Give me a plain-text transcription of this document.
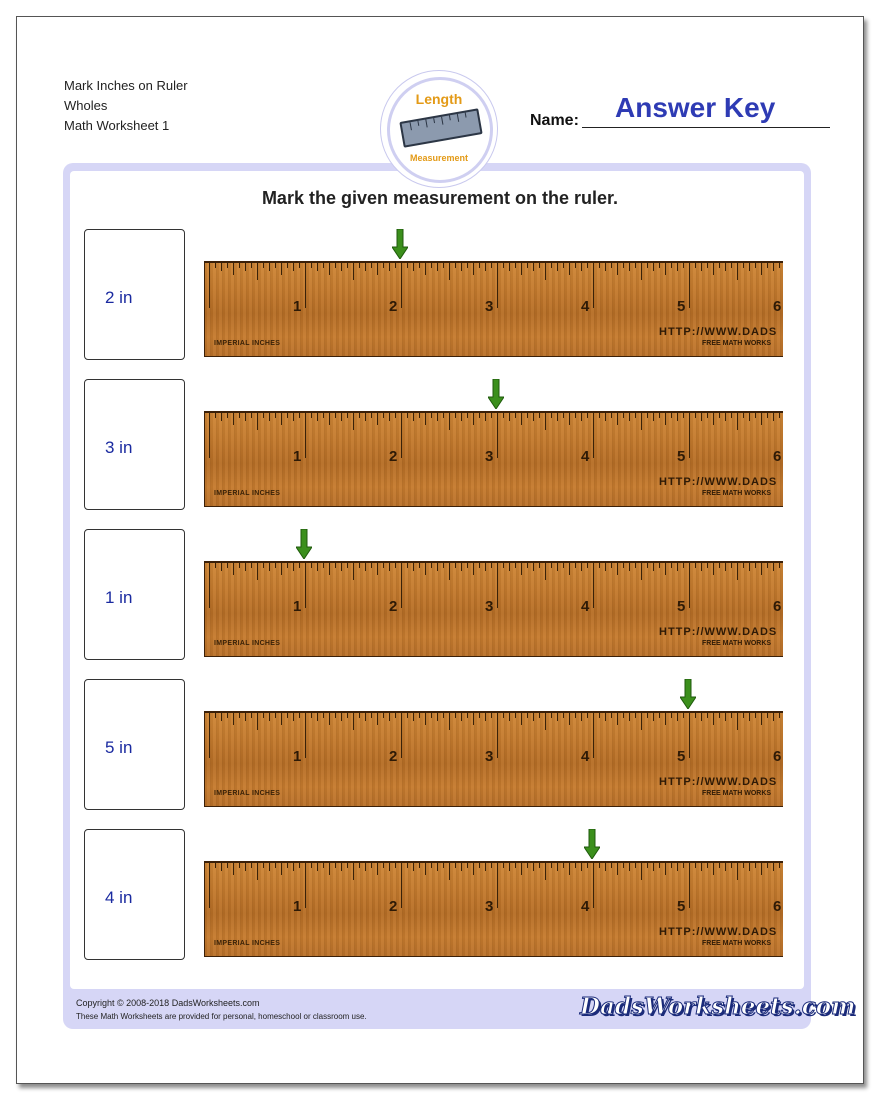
Mark Inches on Ruler
Wholes
Math Worksheet 1	Name: Answer Key
Length
Measurement
Mark the given measurement on the ruler.
2 in	1	2	3	4	5	6
IMPERIAL INCHES
HTTP://WWW.DADS
FREE MATH WORKS
3 in	1	2	3	4	5	6
IMPERIAL INCHES
HTTP://WWW.DADS
FREE MATH WORKS
1 in	1	2	3	4	5	6
IMPERIAL INCHES
HTTP://WWW.DADS
FREE MATH WORKS
5 in	1	2	3	4	5	6
IMPERIAL INCHES
HTTP://WWW.DADS
FREE MATH WORKS
4 in	1	2	3	4	5	6
IMPERIAL INCHES
HTTP://WWW.DADS
FREE MATH WORKS
Copyright © 2008-2018 DadsWorksheets.com
These Math Worksheets are provided for personal, homeschool or classroom use.	DadsWorksheets.com
